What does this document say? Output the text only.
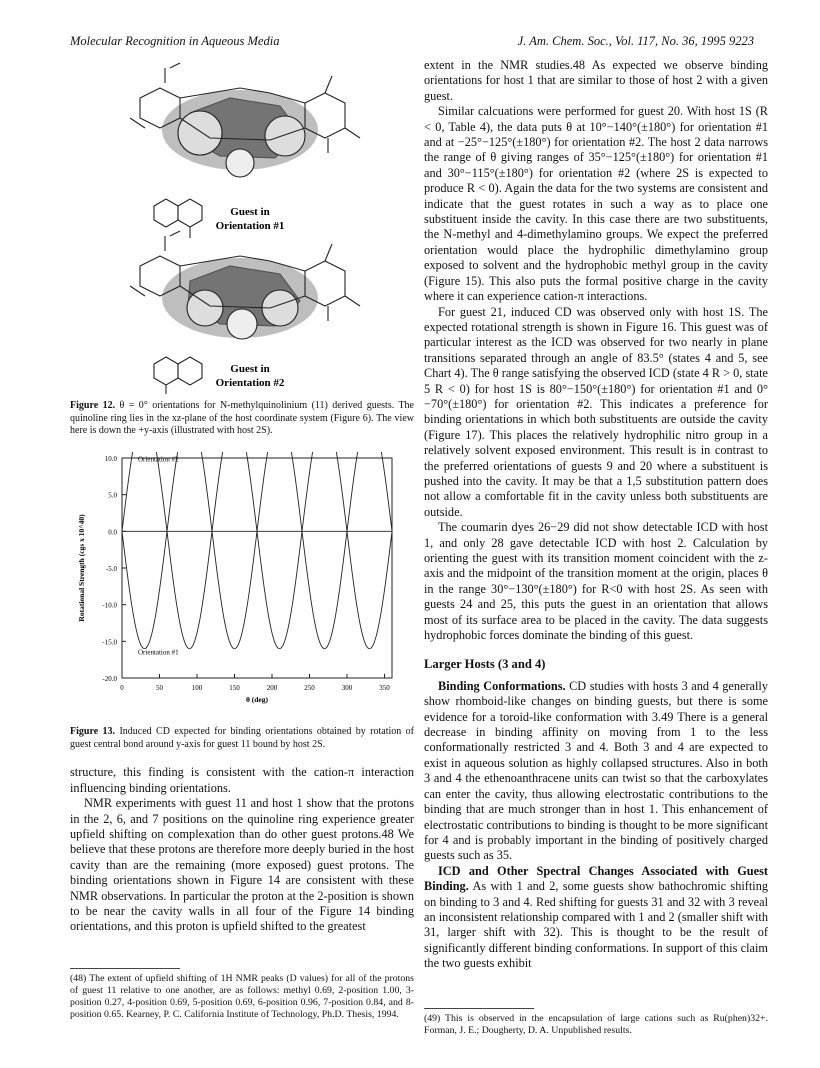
Molecular Recognition in Aqueous Media	J. Am. Chem. Soc., Vol. 117, No. 36, 1995 9223
Guest in
Orientation #1
Guest in
Orientation #2
Figure 12. θ = 0° orientations for N-methylquinolinium (11) derived guests. The quinoline ring lies in the xz-plane of the host coordinate system (Figure 6). The view here is down the +y-axis (illustrated with host 2S).
10.0
5.0
0.0
-5.0
-10.0
-15.0
-20.0
0	50	100	150	200	250	300	350
θ (deg)
Rotational Strength (cgs x 10^40)
Orientation #2
Orientation #1
Figure 13. Induced CD expected for binding orientations obtained by rotation of guest central bond around y-axis for guest 11 bound by host 2S.

structure, this finding is consistent with the cation-π interaction influencing binding orientations.

NMR experiments with guest 11 and host 1 show that the protons in the 2, 6, and 7 positions on the quinoline ring experience greater upfield shifting on complexation than do other guest protons.48 We believe that these protons are therefore more deeply buried in the host cavity than are the remaining (more exposed) guest protons. The binding orientations shown in Figure 14 are consistent with these NMR observations. In particular the proton at the 2-position is shown to be near the cavity walls in all four of the Figure 14 binding orientations, and this proton is upfield shifted to the greatest

(48) The extent of upfield shifting of 1H NMR peaks (D values) for all of the protons of guest 11 relative to one another, are as follows: methyl 0.69, 2-position 1.00, 3-position 0.27, 4-position 0.69, 5-position 0.69, 6-position 0.96, 7-position 0.84, and 8-position 0.65. Kearney, P. C. California Institute of Technology, Ph.D. Thesis, 1994.

extent in the NMR studies.48 As expected we observe binding orientations for host 1 that are similar to those of host 2 with a given guest.

Similar calcuations were performed for guest 20. With host 1S (R < 0, Table 4), the data puts θ at 10°−140°(±180°) for orientation #1 and at −25°−125°(±180°) for orientation #2. The host 2 data narrows the range of θ giving ranges of 35°−125°(±180°) for orientation #1 and 30°−115°(±180°) for orientation #2 (where 2S is expected to produce R < 0). Again the data for the two systems are consistent and indicate that the guest rotates in such a way as to place one substituent inside the cavity. In this case there are two substituents, the N-methyl and 4-dimethylamino groups. We expect the preferred orientation would place the hydrophilic dimethylamino group exposed to solvent and the hydrophobic methyl group in the cavity (Figure 15). This also puts the formal positive charge in the cavity where it can experience cation-π interactions.

For guest 21, induced CD was observed only with host 1S. The expected rotational strength is shown in Figure 16. This guest was of particular interest as the ICD was observed for two nearly in plane transitions separated through an angle of 83.5° (states 4 and 5, see Chart 4). The θ range satisfying the observed ICD (state 4 R > 0, state 5 R < 0) for host 1S is 80°−150°(±180°) for orientation #1 and 0°−70°(±180°) for orientation #2. This indicates a preference for binding orientations in which both substituents are outside the cavity (Figure 17). This places the relatively hydrophilic nitro group in a relatively solvent exposed environment. This result is in contrast to the preferred orientations of guests 9 and 20 where a substituent is pushed into the cavity. It may be that a 1,5 substitution pattern does not allow a comfortable fit in the cavity unless both substituents are outside.

The coumarin dyes 26−29 did not show detectable ICD with host 1, and only 28 gave detectable ICD with host 2. Calculation by orienting the guest with its transition moment coincident with the z-axis and the midpoint of the transition moment at the origin, places θ in the range 30°−130°(±180°) for R<0 with host 2S. As seen with guests 24 and 25, this puts the guest in an orientation that allows most of its surface area to be placed in the cavity. The data suggests hydrophobic forces dominate the binding of this guest.

Larger Hosts (3 and 4)

Binding Conformations. CD studies with hosts 3 and 4 generally show rhomboid-like changes on binding guests, but there is some evidence for a toroid-like conformation with 3.49 There is a general decrease in binding affinity on moving from 1 to the less conformationally restricted 3 and 4. Both 3 and 4 are expected to exist in aqueous solution as highly collapsed structures. Also in both 3 and 4 the ethenoanthracene units can twist so that the carboxylates can enter the cavity, thus allowing electrostatic contributions to the binding that are much stronger than in host 1. This enhancement of electrostatic contributions to binding is thought to be more significant for 4 and is probably important in the binding of positively charged guests such as 35.

ICD and Other Spectral Changes Associated with Guest Binding. As with 1 and 2, some guests show bathochromic shifting on binding to 3 and 4. Red shifting for guests 31 and 32 with 3 reveal an inconsistent relationship compared with 1 and 2 (smaller shift with 31, larger shift with 32). This is thought to be the result of significantly different binding conformations. In support of this claim the two guests exhibit

(49) This is observed in the encapsulation of large cations such as Ru(phen)32+. Forman, J. E.; Dougherty, D. A. Unpublished results.
